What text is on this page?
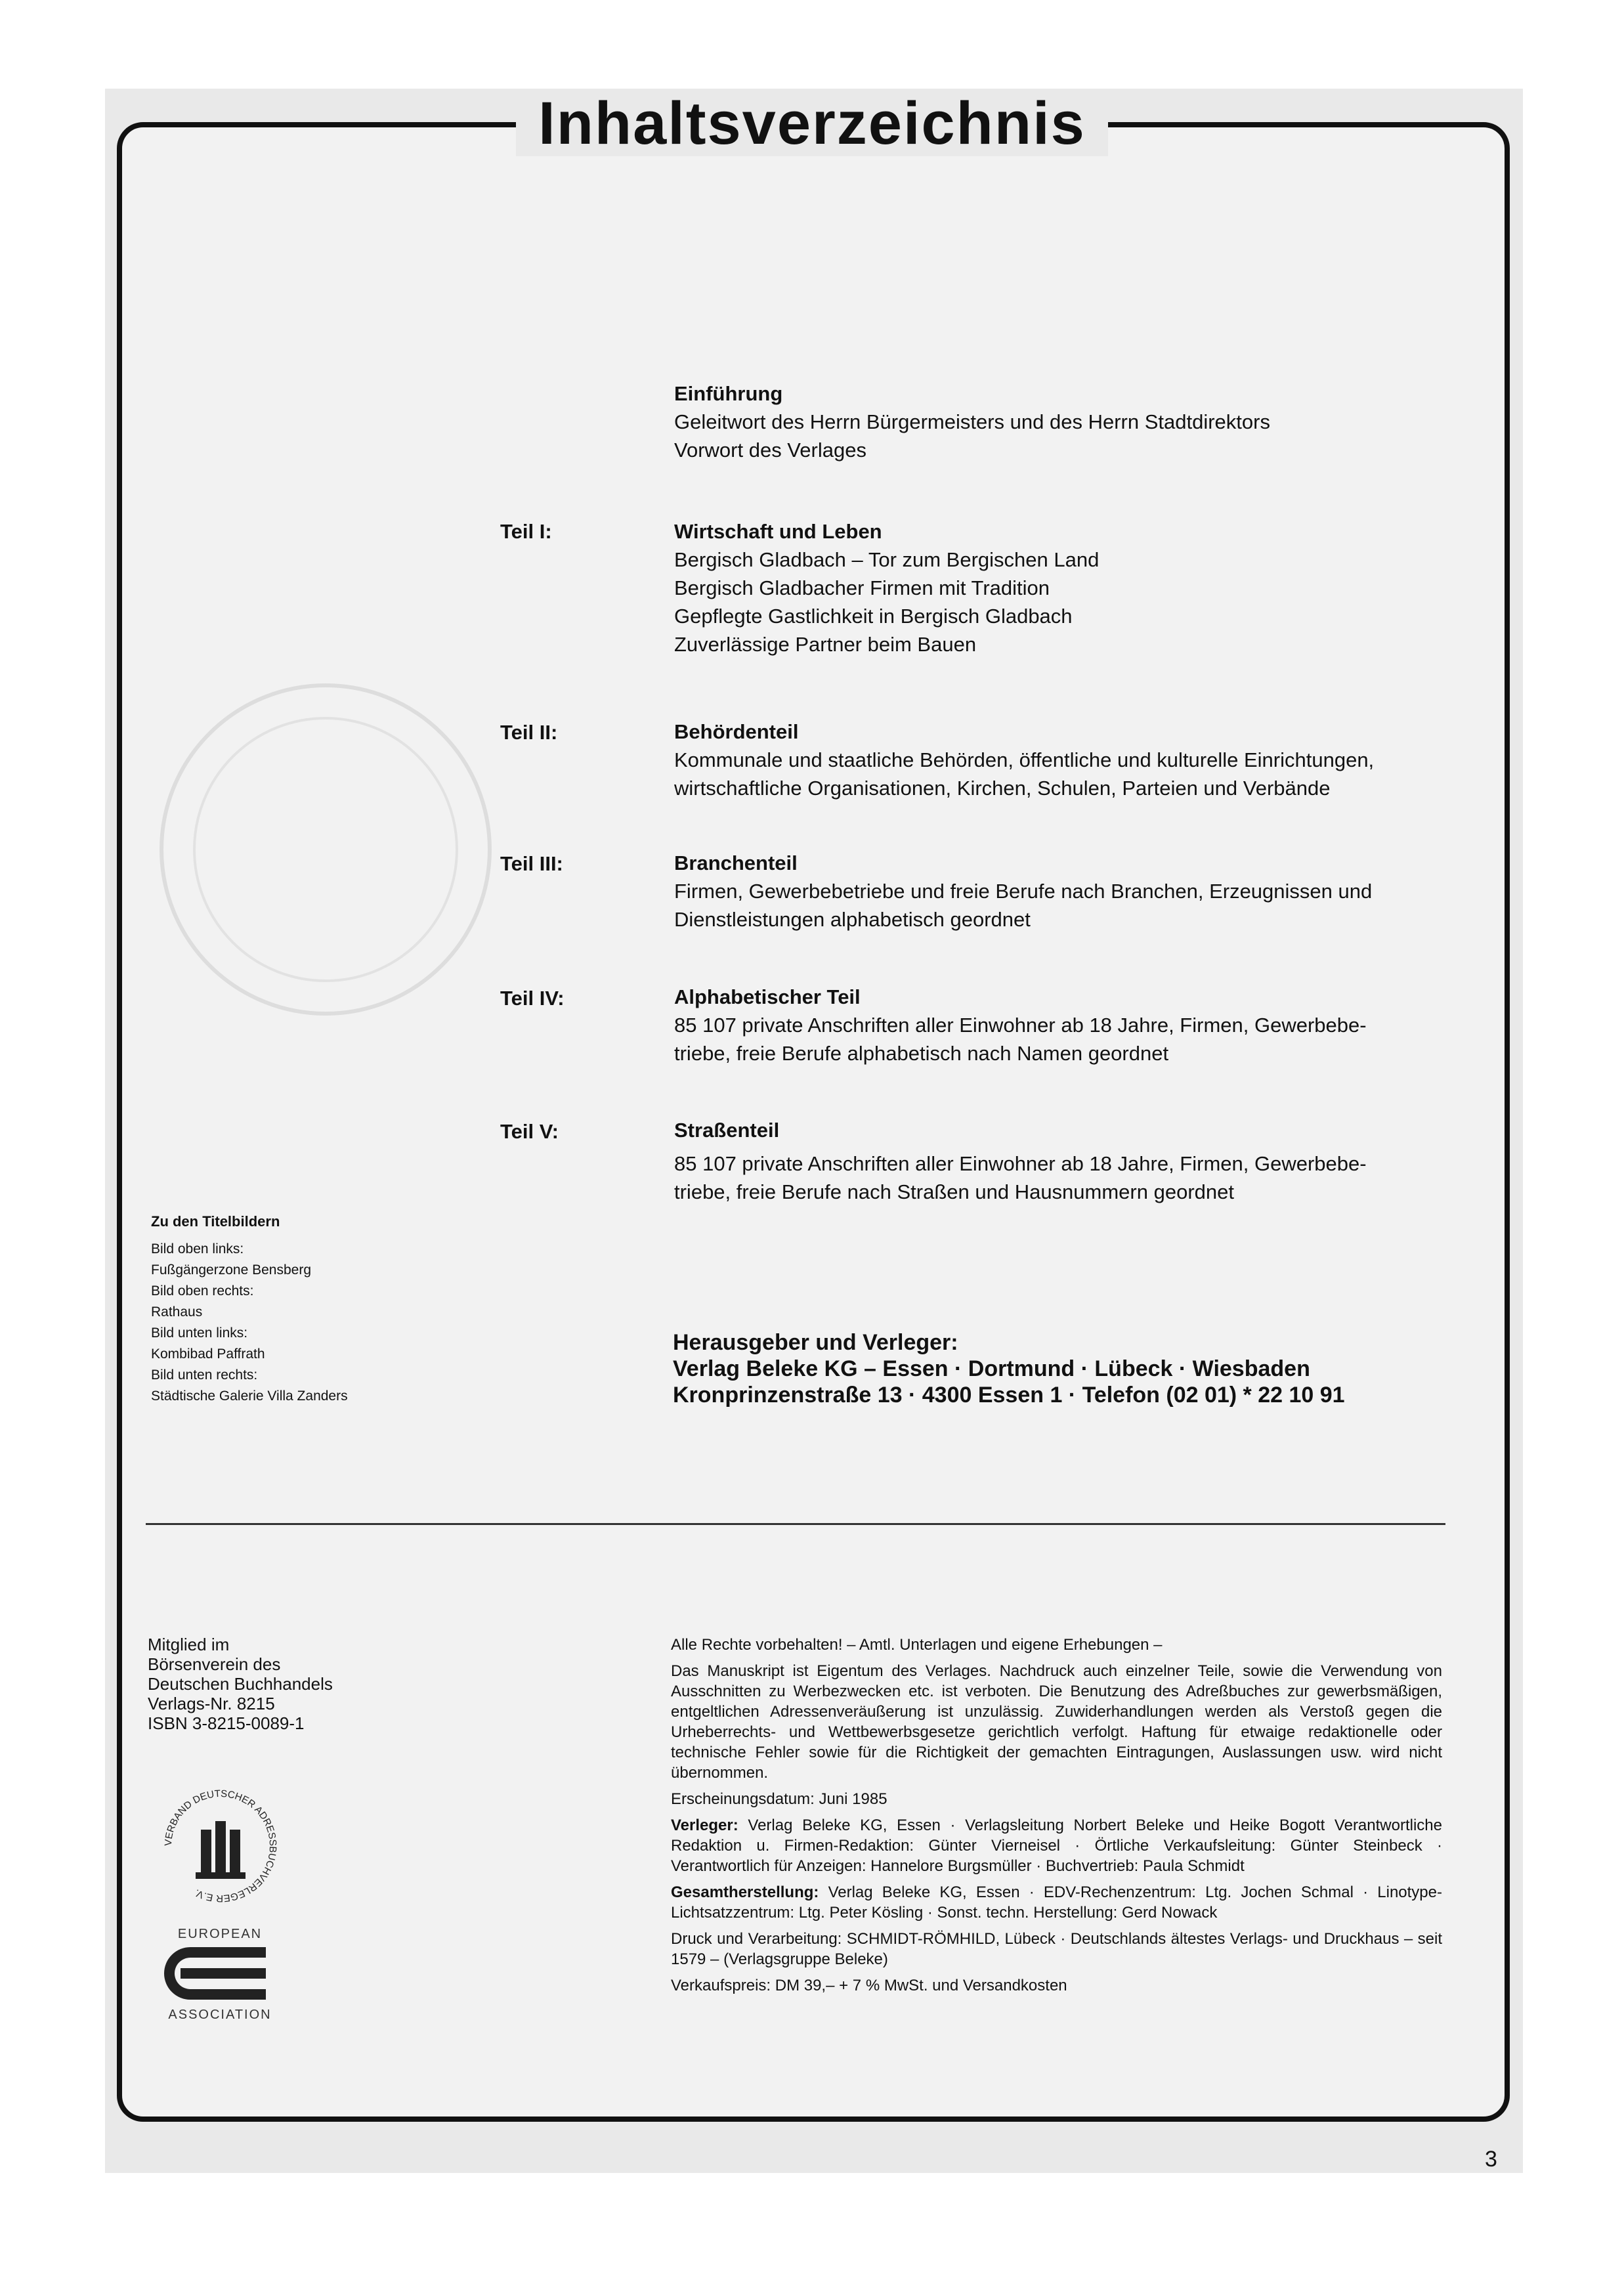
Inhaltsverzeichnis
Einführung
Geleitwort des Herrn Bürgermeisters und des Herrn Stadtdirektors
Vorwort des Verlages
Teil I:	Wirtschaft und Leben
Bergisch Gladbach – Tor zum Bergischen Land
Bergisch Gladbacher Firmen mit Tradition
Gepflegte Gastlichkeit in Bergisch Gladbach
Zuverlässige Partner beim Bauen
Teil II:	Behördenteil
Kommunale und staatliche Behörden, öffentliche und kulturelle Einrichtungen,
wirtschaftliche Organisationen, Kirchen, Schulen, Parteien und Verbände
Teil III:	Branchenteil
Firmen, Gewerbebetriebe und freie Berufe nach Branchen, Erzeugnissen und
Dienstleistungen alphabetisch geordnet
Teil IV:	Alphabetischer Teil
85 107 private Anschriften aller Einwohner ab 18 Jahre, Firmen, Gewerbebe-
triebe, freie Berufe alphabetisch nach Namen geordnet
Teil V:	Straßenteil
85 107 private Anschriften aller Einwohner ab 18 Jahre, Firmen, Gewerbebe-
triebe, freie Berufe nach Straßen und Hausnummern geordnet
Zu den Titelbildern
Bild oben links:
Fußgängerzone Bensberg
Bild oben rechts:
Rathaus
Bild unten links:
Kombibad Paffrath
Bild unten rechts:
Städtische Galerie Villa Zanders
Herausgeber und Verleger:
Verlag Beleke KG – Essen · Dortmund · Lübeck · Wiesbaden
Kronprinzenstraße 13 · 4300 Essen 1 · Telefon (02 01) * 22 10 91
Mitglied im
Börsenverein des
Deutschen Buchhandels
Verlags-Nr. 8215
ISBN 3-8215-0089-1
VERBAND DEUTSCHER ADRESSBUCHVERLEGER E.V.
EUROPEAN
ASSOCIATION

Alle Rechte vorbehalten! – Amtl. Unterlagen und eigene Erhebungen –

Das Manuskript ist Eigentum des Verlages. Nachdruck auch einzelner Teile, sowie die Verwendung von Ausschnitten zu Werbezwecken etc. ist verboten. Die Benutzung des Adreßbuches zur gewerbsmäßigen, entgeltlichen Adressenveräußerung ist unzulässig. Zuwiderhandlungen werden als Verstoß gegen die Urheberrechts- und Wettbewerbsgesetze gerichtlich verfolgt. Haftung für etwaige redaktionelle oder technische Fehler sowie für die Richtigkeit der gemachten Eintragungen, Auslassungen usw. wird nicht übernommen.

Erscheinungsdatum: Juni 1985

Verleger: Verlag Beleke KG, Essen · Verlagsleitung Norbert Beleke und Heike Bogott Verantwortliche Redaktion u. Firmen-Redaktion: Günter Vierneisel · Örtliche Verkaufsleitung: Günter Steinbeck · Verantwortlich für Anzeigen: Hannelore Burgsmüller · Buchvertrieb: Paula Schmidt

Gesamtherstellung: Verlag Beleke KG, Essen · EDV-Rechenzentrum: Ltg. Jochen Schmal · Linotype-Lichtsatzzentrum: Ltg. Peter Kösling · Sonst. techn. Herstellung: Gerd Nowack

Druck und Verarbeitung: SCHMIDT-RÖMHILD, Lübeck · Deutschlands ältestes Verlags- und Druckhaus – seit 1579 – (Verlagsgruppe Beleke)

Verkaufspreis: DM 39,– + 7 % MwSt. und Versandkosten

3
